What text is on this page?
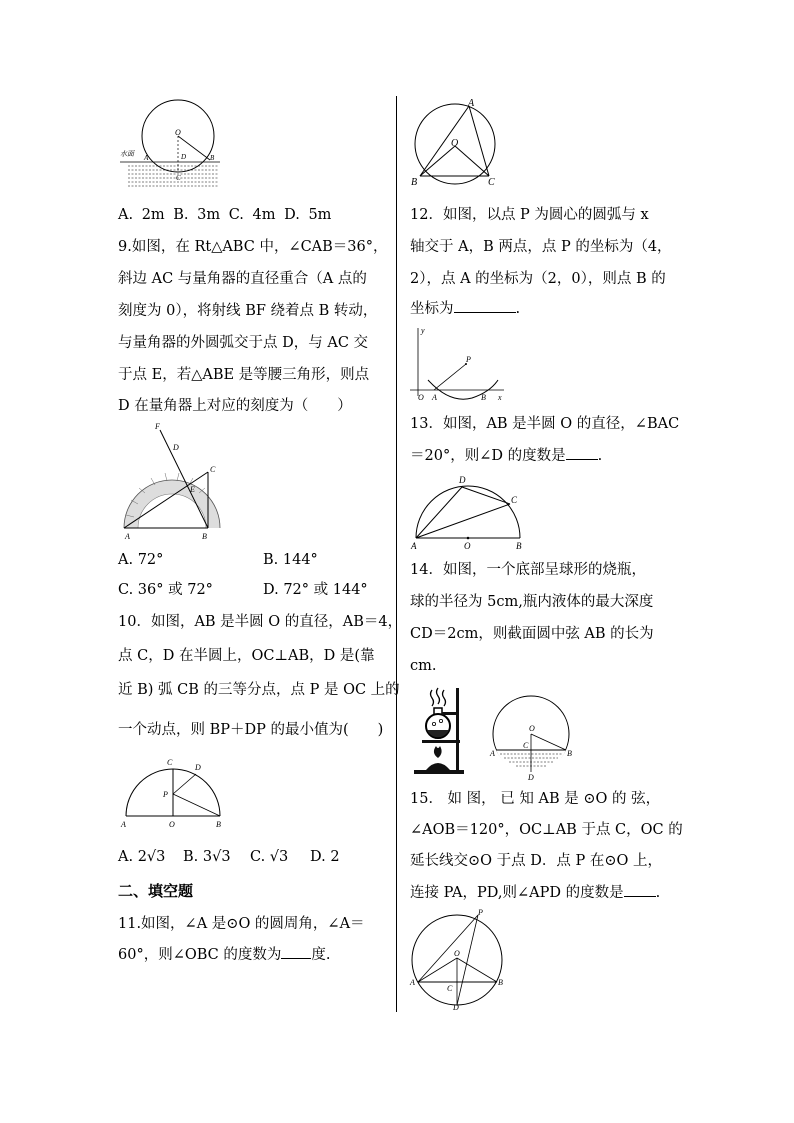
水面
O
A	D	B
C
A. 2m B. 3m C. 4m D. 5m
9.如图，在 Rt△ABC 中，∠CAB＝36°，
斜边 AC 与量角器的直径重合（A 点的
刻度为 0），将射线 BF 绕着点 B 转动，
与量角器的外圆弧交于点 D，与 AC 交
于点 E，若△ABE 是等腰三角形，则点
D 在量角器上对应的刻度为（　　）
F
D
C
E
A	B
A. 72°	B. 144°
C. 36° 或 72°	D. 72° 或 144°
10．如图，AB 是半圆 O 的直径，AB＝4，
点 C，D 在半圆上，OC⊥AB，D 是(靠
近 B) 弧 CB 的三等分点，点 P 是 OC 上的
一个动点，则 BP＋DP 的最小值为(　　)
C
D
P
A	O	B
A. 2√3 B. 3√3 C. √3 D. 2
二、填空题
11.如图，∠A 是⊙O 的圆周角，∠A＝
60°，则∠OBC 的度数为 度.
A
O
B	C
12．如图，以点 P 为圆心的圆弧与 x
轴交于 A，B 两点，点 P 的坐标为（4，
2），点 A 的坐标为（2，0），则点 B 的
坐标为	.
y
P
O A	B x
13．如图，AB 是半圆 O 的直径，∠BAC
＝20°，则∠D 的度数是 .
D
C
A	O	B
14．如图，一个底部呈球形的烧瓶，
球的半径为 5cm,瓶内液体的最大深度
CD＝2cm，则截面圆中弦 AB 的长为
cm.
O
A
C
B
D
15． 如 图， 已 知 AB 是 ⊙O 的 弦，
∠AOB＝120°，OC⊥AB 于点 C，OC 的
延长线交⊙O 于点 D．点 P 在⊙O 上，
连接 PA，PD,则∠APD 的度数是 .
P
O
A
C
B
D
